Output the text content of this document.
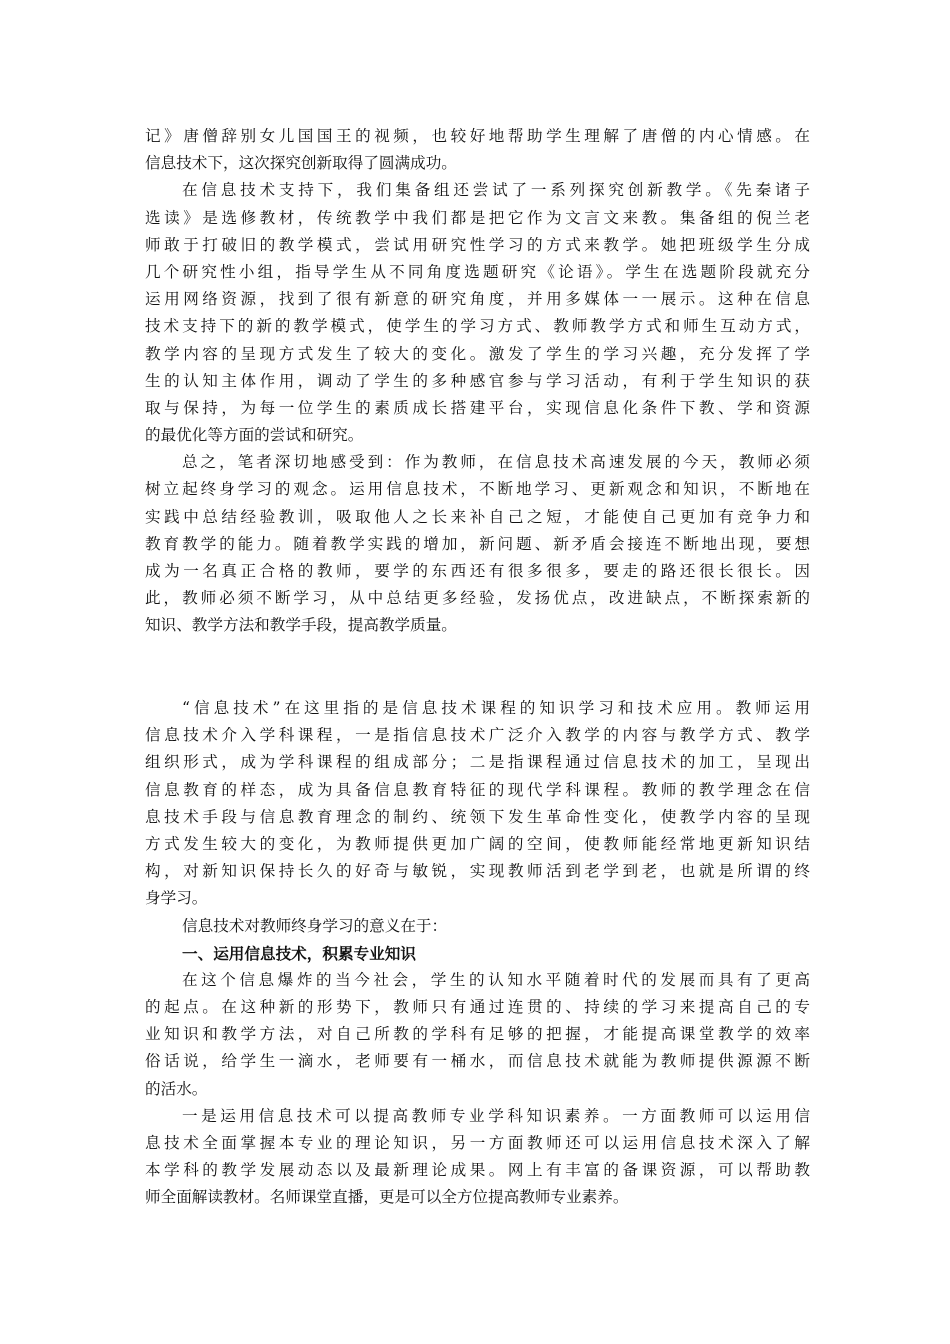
记》唐僧辞别女儿国国王的视频，也较好地帮助学生理解了唐僧的内心情感。在
信息技术下，这次探究创新取得了圆满成功。
在信息技术支持下，我们集备组还尝试了一系列探究创新教学。《先秦诸子
选读》是选修教材，传统教学中我们都是把它作为文言文来教。集备组的倪兰老
师敢于打破旧的教学模式，尝试用研究性学习的方式来教学。她把班级学生分成
几个研究性小组，指导学生从不同角度选题研究《论语》。学生在选题阶段就充分
运用网络资源，找到了很有新意的研究角度，并用多媒体一一展示。这种在信息
技术支持下的新的教学模式，使学生的学习方式、教师教学方式和师生互动方式，
教学内容的呈现方式发生了较大的变化。激发了学生的学习兴趣，充分发挥了学
生的认知主体作用，调动了学生的多种感官参与学习活动，有利于学生知识的获
取与保持，为每一位学生的素质成长搭建平台，实现信息化条件下教、学和资源
的最优化等方面的尝试和研究。
总之，笔者深切地感受到：作为教师，在信息技术高速发展的今天，教师必须
树立起终身学习的观念。运用信息技术，不断地学习、更新观念和知识，不断地在
实践中总结经验教训，吸取他人之长来补自己之短，才能使自己更加有竞争力和
教育教学的能力。随着教学实践的增加，新问题、新矛盾会接连不断地出现，要想
成为一名真正合格的教师，要学的东西还有很多很多，要走的路还很长很长。因
此，教师必须不断学习，从中总结更多经验，发扬优点，改进缺点，不断探索新的
知识、教学方法和教学手段，提高教学质量。
“信息技术”在这里指的是信息技术课程的知识学习和技术应用。教师运用
信息技术介入学科课程，一是指信息技术广泛介入教学的内容与教学方式、教学
组织形式，成为学科课程的组成部分；二是指课程通过信息技术的加工，呈现出
信息教育的样态，成为具备信息教育特征的现代学科课程。教师的教学理念在信
息技术手段与信息教育理念的制约、统领下发生革命性变化，使教学内容的呈现
方式发生较大的变化，为教师提供更加广阔的空间，使教师能经常地更新知识结
构，对新知识保持长久的好奇与敏锐，实现教师活到老学到老，也就是所谓的终
身学习。
信息技术对教师终身学习的意义在于：
一、运用信息技术，积累专业知识
在这个信息爆炸的当今社会，学生的认知水平随着时代的发展而具有了更高
的起点。在这种新的形势下，教师只有通过连贯的、持续的学习来提高自己的专
业知识和教学方法，对自己所教的学科有足够的把握，才能提高课堂教学的效率
俗话说，给学生一滴水，老师要有一桶水，而信息技术就能为教师提供源源不断
的活水。
一是运用信息技术可以提高教师专业学科知识素养。一方面教师可以运用信
息技术全面掌握本专业的理论知识，另一方面教师还可以运用信息技术深入了解
本学科的教学发展动态以及最新理论成果。网上有丰富的备课资源，可以帮助教
师全面解读教材。名师课堂直播，更是可以全方位提高教师专业素养。
